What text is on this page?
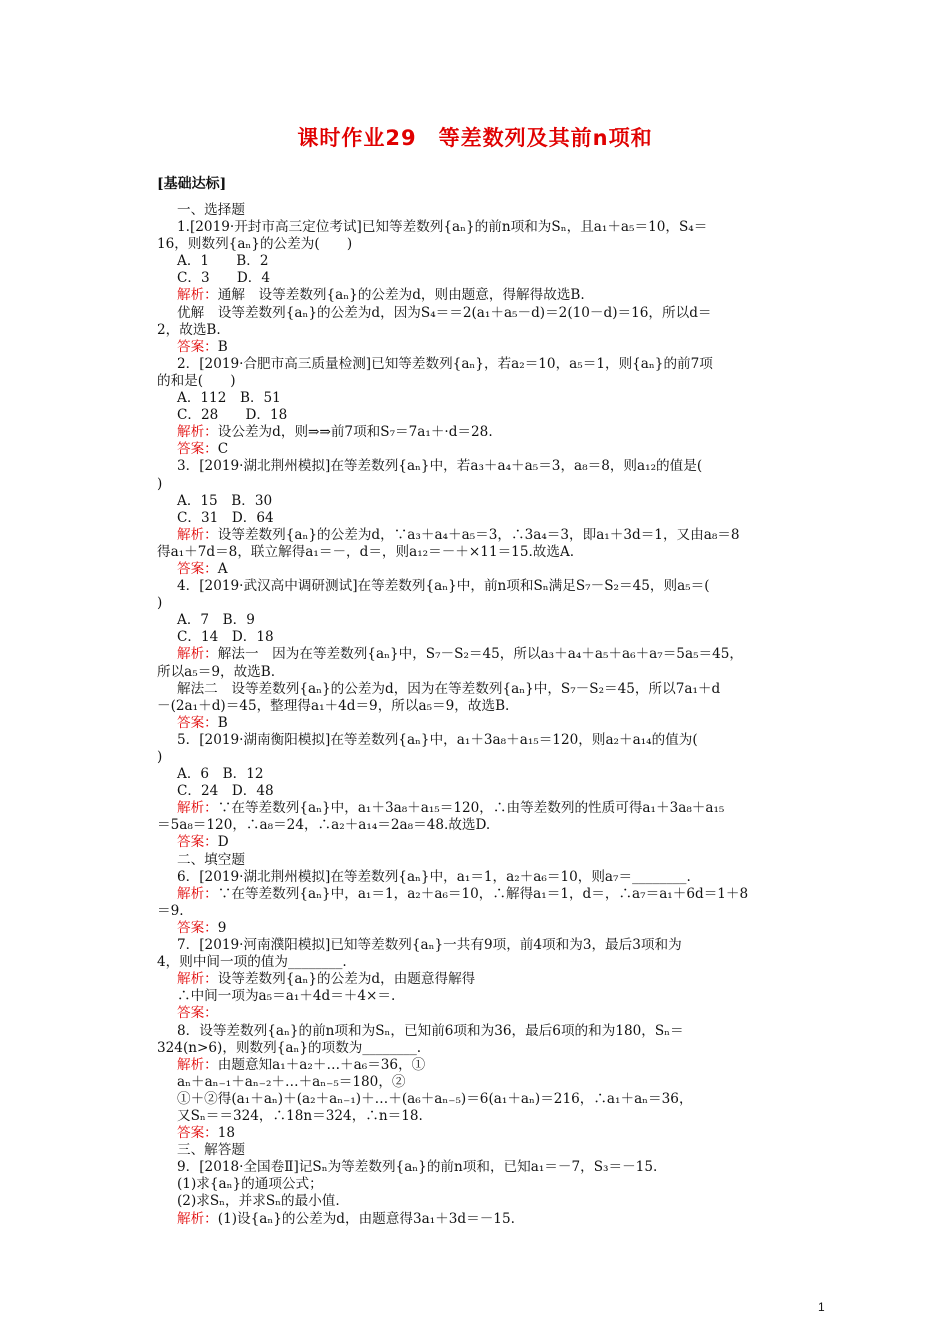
课时作业29　等差数列及其前n项和
[基础达标]

一、选择题

1.[2019·开封市高三定位考试]已知等差数列{aₙ}的前n项和为Sₙ，且a₁＋a₅＝10，S₄＝

16，则数列{aₙ}的公差为(　　)

A．1　　B．2

C．3　　D．4

解析：通解　设等差数列{aₙ}的公差为d，则由题意，得解得故选B.

优解　设等差数列{aₙ}的公差为d，因为S₄＝＝2(a₁＋a₅－d)＝2(10－d)＝16，所以d＝

2，故选B.

答案：B

2．[2019·合肥市高三质量检测]已知等差数列{aₙ}，若a₂＝10，a₅＝1，则{aₙ}的前7项

的和是(　　)

A．112　B．51

C．28　　D．18

解析：设公差为d，则⇒⇒前7项和S₇＝7a₁＋·d＝28.

答案：C

3．[2019·湖北荆州模拟]在等差数列{aₙ}中，若a₃＋a₄＋a₅＝3，a₈＝8，则a₁₂的值是(

)

A．15　B．30

C．31　D．64

解析：设等差数列{aₙ}的公差为d，∵a₃＋a₄＋a₅＝3，∴3a₄＝3，即a₁＋3d＝1，又由a₈＝8

得a₁＋7d＝8，联立解得a₁＝－，d＝，则a₁₂＝－＋×11＝15.故选A.

答案：A

4．[2019·武汉高中调研测试]在等差数列{aₙ}中，前n项和Sₙ满足S₇－S₂＝45，则a₅＝(

)

A．7　B．9

C．14　D．18

解析：解法一　因为在等差数列{aₙ}中，S₇－S₂＝45，所以a₃＋a₄＋a₅＋a₆＋a₇＝5a₅＝45，

所以a₅＝9，故选B.

解法二　设等差数列{aₙ}的公差为d，因为在等差数列{aₙ}中，S₇－S₂＝45，所以7a₁＋d

－(2a₁＋d)＝45，整理得a₁＋4d＝9，所以a₅＝9，故选B.

答案：B

5．[2019·湖南衡阳模拟]在等差数列{aₙ}中，a₁＋3a₈＋a₁₅＝120，则a₂＋a₁₄的值为(

)

A．6　B．12

C．24　D．48

解析：∵在等差数列{aₙ}中，a₁＋3a₈＋a₁₅＝120，∴由等差数列的性质可得a₁＋3a₈＋a₁₅

＝5a₈＝120，∴a₈＝24，∴a₂＋a₁₄＝2a₈＝48.故选D.

答案：D

二、填空题

6．[2019·湖北荆州模拟]在等差数列{aₙ}中，a₁＝1，a₂＋a₆＝10，则a₇＝________.

解析：∵在等差数列{aₙ}中，a₁＝1，a₂＋a₆＝10，∴解得a₁＝1，d＝，∴a₇＝a₁＋6d＝1＋8

＝9.

答案：9

7．[2019·河南濮阳模拟]已知等差数列{aₙ}一共有9项，前4项和为3，最后3项和为

4，则中间一项的值为________.

解析：设等差数列{aₙ}的公差为d，由题意得解得

∴中间一项为a₅＝a₁＋4d＝＋4×＝.

答案：

8．设等差数列{aₙ}的前n项和为Sₙ，已知前6项和为36，最后6项的和为180，Sₙ＝

324(n>6)，则数列{aₙ}的项数为________.

解析：由题意知a₁＋a₂＋…＋a₆＝36，①

aₙ＋aₙ₋₁＋aₙ₋₂＋…＋aₙ₋₅＝180，②

①＋②得(a₁＋aₙ)＋(a₂＋aₙ₋₁)＋…＋(a₆＋aₙ₋₅)＝6(a₁＋aₙ)＝216，∴a₁＋aₙ＝36，

又Sₙ＝＝324，∴18n＝324，∴n＝18.

答案：18

三、解答题

9．[2018·全国卷Ⅱ]记Sₙ为等差数列{aₙ}的前n项和，已知a₁＝－7，S₃＝－15.

(1)求{aₙ}的通项公式；

(2)求Sₙ，并求Sₙ的最小值.

解析：(1)设{aₙ}的公差为d，由题意得3a₁＋3d＝－15.

1
